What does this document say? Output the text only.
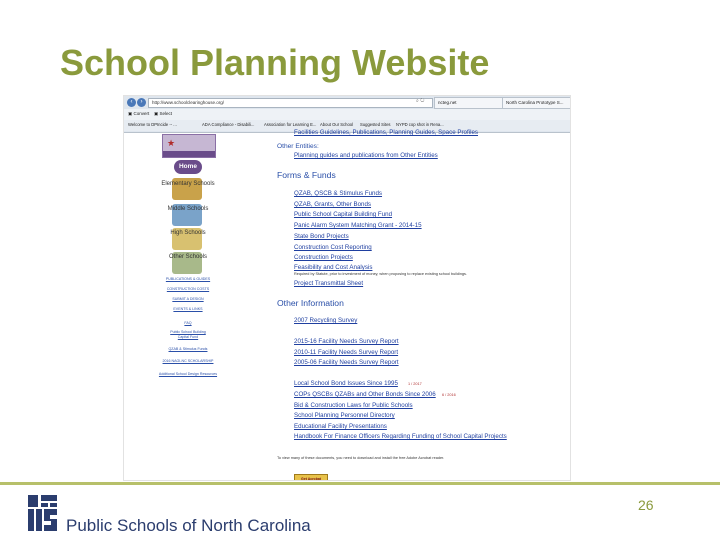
School Planning Website
‹	›	http://www.schoolclearinghouse.org/	⌕ ↻	ncteg.net	North Carolina Prototype S...
▣ Convert ▣ Select
Welcome to DPIncide -- ...	ADA Compliance - Disabili... Association for Learning E... About Our School Suggested Sites NYPD cop shot in Rena...
★
Home
Elementary Schools
Middle Schools
High Schools
Other Schools
PUBLICATIONS & GUIDES
CONSTRUCTION COSTS
SUBMIT A DESIGN
EVENTS & LINKS
FAQ
Public School Building Capital Fund
QZAB & Stimulus Funds
2016 NAGI-NC SCHOLARSHIP
Additional School Design Resources
Facilities Guidelines, Publications, Planning Guides, Space Profiles
Other Entities:
Planning guides and publications from Other Entities
Forms & Funds
QZAB, QSCB & Stimulus Funds
QZAB, Grants, Other Bonds
Public School Capital Building Fund
Panic Alarm System Matching Grant - 2014-15
State Bond Projects
Construction Cost Reporting
Construction Projects
Feasibility and Cost Analysis
Required by Statute, prior to investment of money, when proposing to replace existing school buildings.
Project Transmittal Sheet
Other Information
2007 Recycling Survey
2015-16 Facility Needs Survey Report
2010-11 Facility Needs Survey Report
2005-06 Facility Needs Survey Report
Local School Bond Issues Since 1995	1 / 2017
COPs QSCBs QZABs and Other Bonds Since 2006 6 / 2016
Bid & Construction Laws for Public Schools
School Planning Personnel Directory
Educational Facility Presentations
Handbook For Finance Officers Regarding Funding of School Capital Projects
To view many of these documents, you need to download and install the free Adobe Acrobat reader.
Get Acrobat
Public Schools of North Carolina
26
